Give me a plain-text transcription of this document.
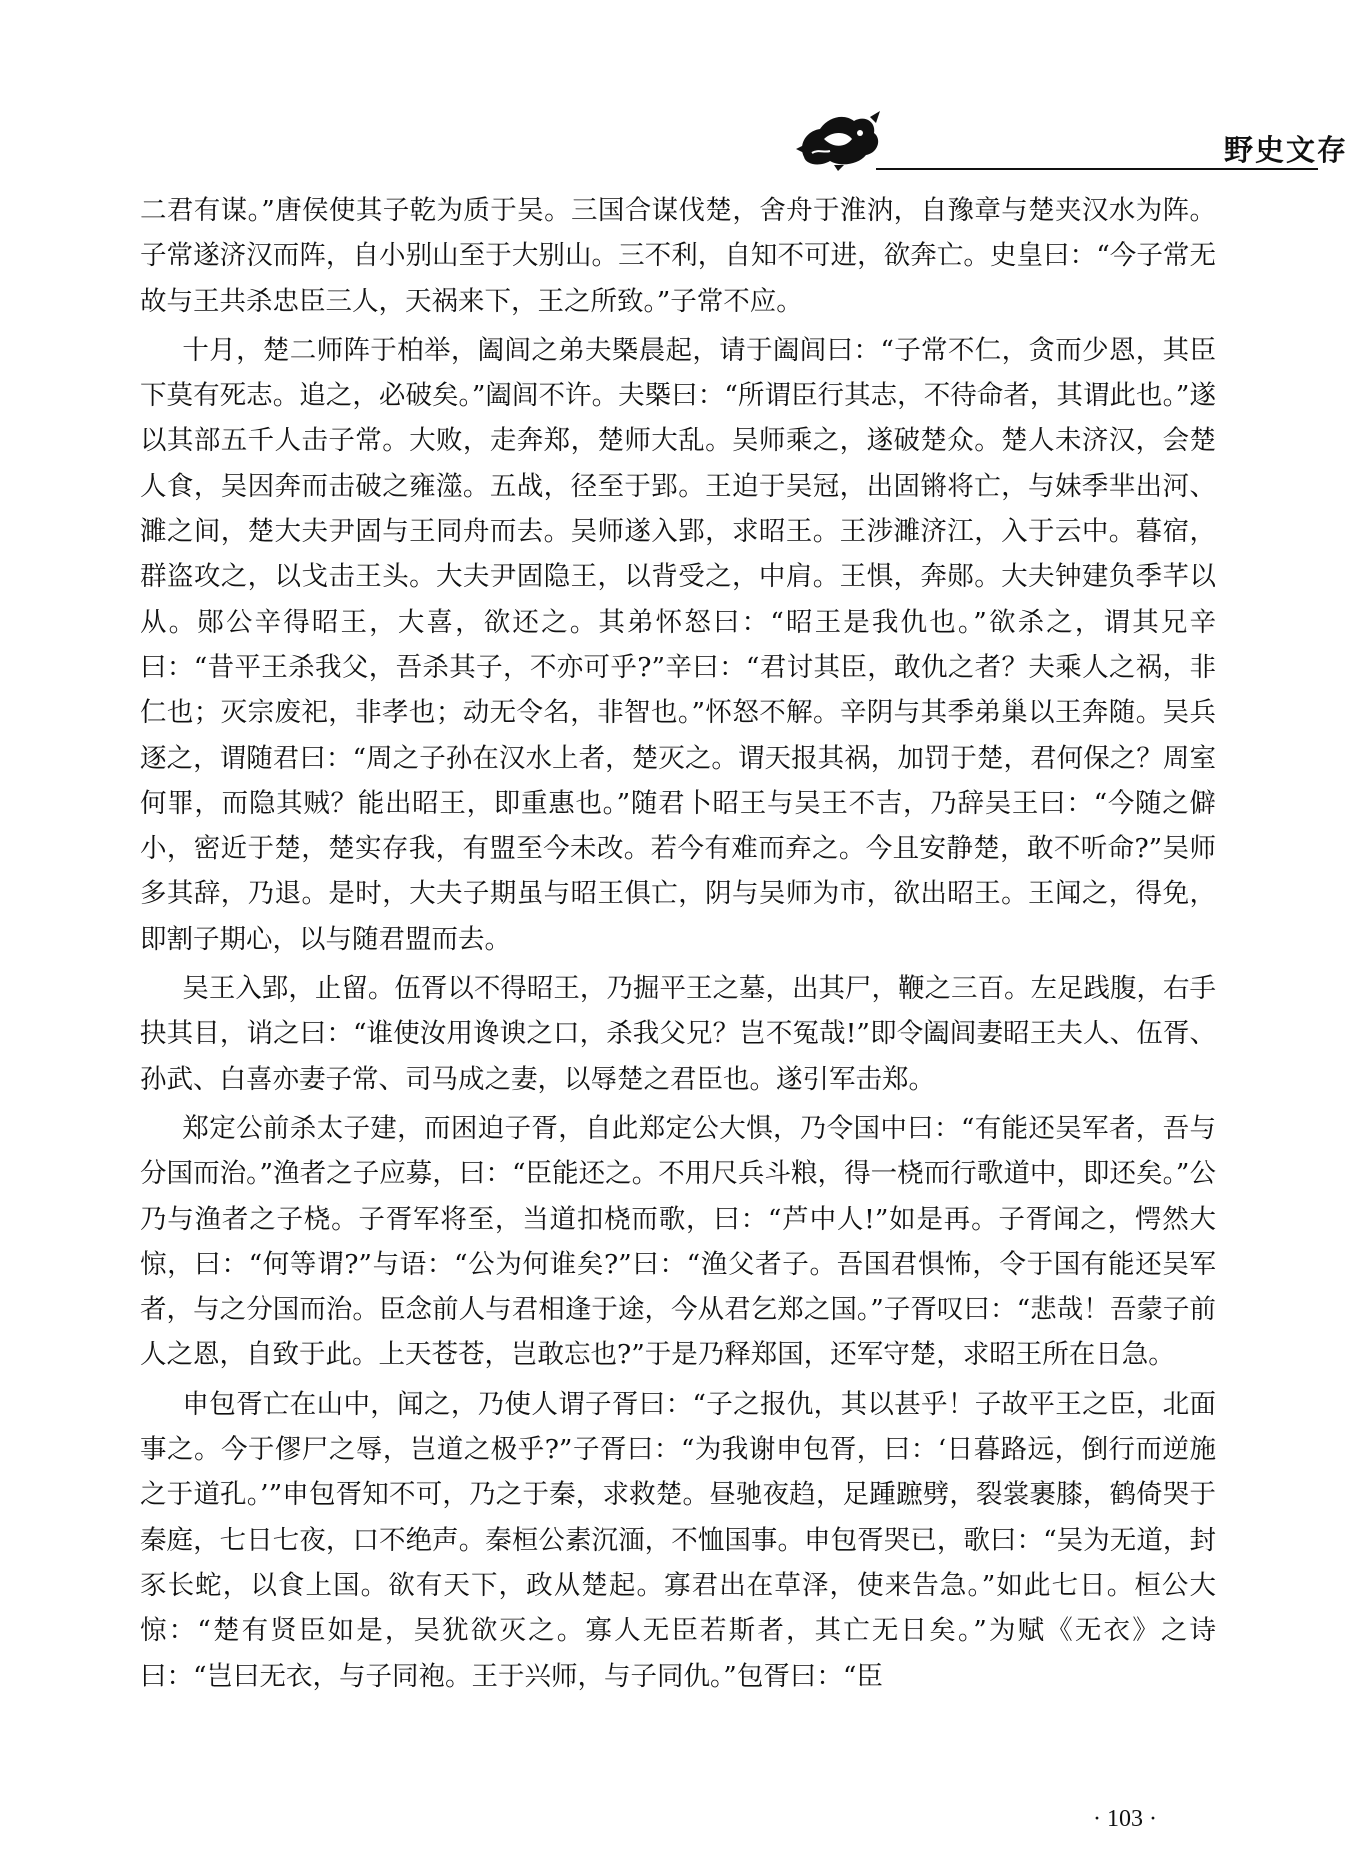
野史文存

二君有谋。”唐侯使其子乾为质于吴。三国合谋伐楚，舍舟于淮汭，自豫章与楚夹汉水为阵。子常遂济汉而阵，自小别山至于大别山。三不利，自知不可进，欲奔亡。史皇曰：“今子常无故与王共杀忠臣三人，天祸来下，王之所致。”子常不应。

十月，楚二师阵于柏举，阖闾之弟夫槩晨起，请于阖闾曰：“子常不仁，贪而少恩，其臣下莫有死志。追之，必破矣。”阖闾不许。夫槩曰：“所谓臣行其志，不待命者，其谓此也。”遂以其部五千人击子常。大败，走奔郑，楚师大乱。吴师乘之，遂破楚众。楚人未济汉，会楚人食，吴因奔而击破之雍澨。五战，径至于郢。王迫于吴冠，出固锵将亡，与妹季芈出河、濉之间，楚大夫尹固与王同舟而去。吴师遂入郢，求昭王。王涉濉济江，入于云中。暮宿，群盗攻之，以戈击王头。大夫尹固隐王，以背受之，中肩。王惧，奔郧。大夫钟建负季芊以从。郧公辛得昭王，大喜，欲还之。其弟怀怒曰：“昭王是我仇也。”欲杀之，谓其兄辛曰：“昔平王杀我父，吾杀其子，不亦可乎?”辛曰：“君讨其臣，敢仇之者？夫乘人之祸，非仁也；灭宗废祀，非孝也；动无令名，非智也。”怀怒不解。辛阴与其季弟巢以王奔随。吴兵逐之，谓随君曰：“周之子孙在汉水上者，楚灭之。谓天报其祸，加罚于楚，君何保之？周室何罪，而隐其贼？能出昭王，即重惠也。”随君卜昭王与吴王不吉，乃辞吴王曰：“今随之僻小，密近于楚，楚实存我，有盟至今未改。若今有难而弃之。今且安静楚，敢不听命?”吴师多其辞，乃退。是时，大夫子期虽与昭王俱亡，阴与吴师为市，欲出昭王。王闻之，得免，即割子期心，以与随君盟而去。

吴王入郢，止留。伍胥以不得昭王，乃掘平王之墓，出其尸，鞭之三百。左足践腹，右手抉其目，诮之曰：“谁使汝用谗谀之口，杀我父兄？岂不冤哉!”即令阖闾妻昭王夫人、伍胥、孙武、白喜亦妻子常、司马成之妻，以辱楚之君臣也。遂引军击郑。

郑定公前杀太子建，而困迫子胥，自此郑定公大惧，乃令国中曰：“有能还吴军者，吾与分国而治。”渔者之子应募，曰：“臣能还之。不用尺兵斗粮，得一桡而行歌道中，即还矣。”公乃与渔者之子桡。子胥军将至，当道扣桡而歌，曰：“芦中人!”如是再。子胥闻之，愕然大惊，曰：“何等谓?”与语：“公为何谁矣?”曰：“渔父者子。吾国君惧怖，令于国有能还吴军者，与之分国而治。臣念前人与君相逢于途，今从君乞郑之国。”子胥叹曰：“悲哉！吾蒙子前人之恩，自致于此。上天苍苍，岂敢忘也?”于是乃释郑国，还军守楚，求昭王所在日急。

申包胥亡在山中，闻之，乃使人谓子胥曰：“子之报仇，其以甚乎！子故平王之臣，北面事之。今于僇尸之辱，岂道之极乎?”子胥曰：“为我谢申包胥，曰：‘日暮路远，倒行而逆施之于道孔。’”申包胥知不可，乃之于秦，求救楚。昼驰夜趋，足踵蹠劈，裂裳裹膝，鹤倚哭于秦庭，七日七夜，口不绝声。秦桓公素沉湎，不恤国事。申包胥哭已，歌曰：“吴为无道，封豕长蛇，以食上国。欲有天下，政从楚起。寡君出在草泽，使来告急。”如此七日。桓公大惊：“楚有贤臣如是，吴犹欲灭之。寡人无臣若斯者，其亡无日矣。”为赋《无衣》之诗曰：“岂曰无衣，与子同袍。王于兴师，与子同仇。”包胥曰：“臣

· 103 ·
